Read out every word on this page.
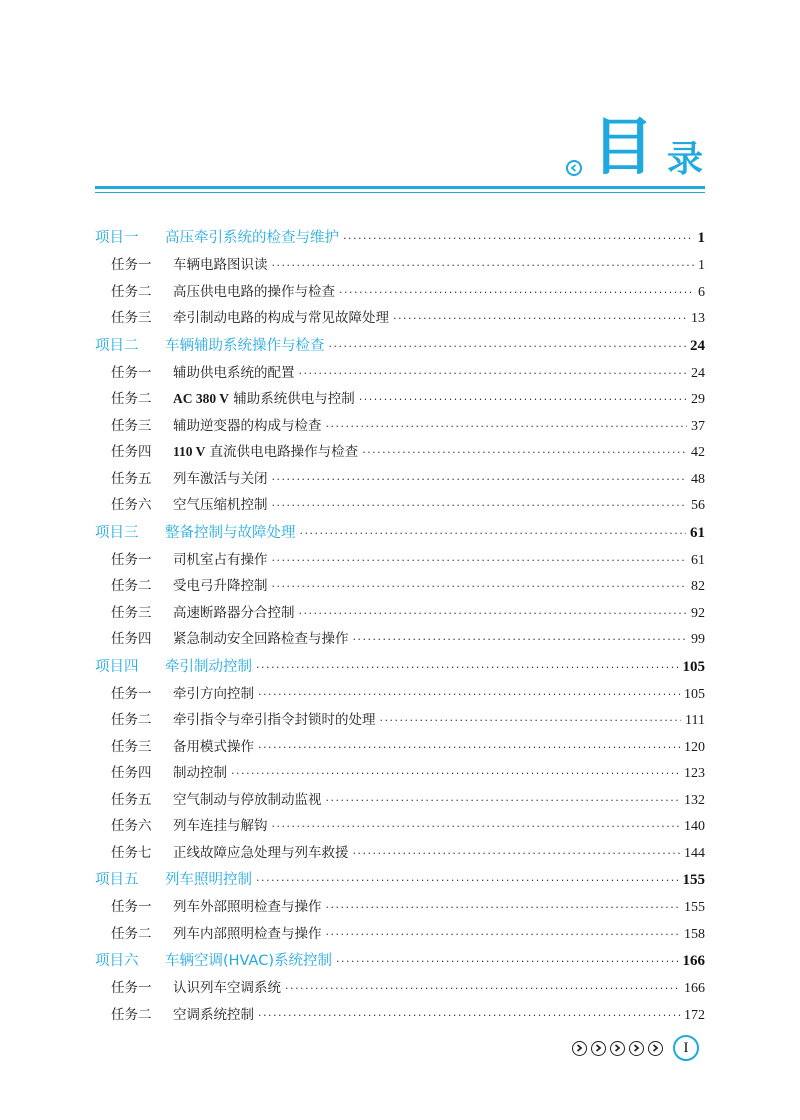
目 录
项目一 高压牵引系统的检查与维护 ·····	1
任务一 车辆电路图识读 ·····	1
任务二 高压供电电路的操作与检查 ·····	6
任务三 牵引制动电路的构成与常见故障处理 ·····	13
项目二 车辆辅助系统操作与检查 ·····	24
任务一 辅助供电系统的配置 ·····	24
任务二 AC 380 V 辅助系统供电与控制 ·····	29
任务三 辅助逆变器的构成与检查 ·····	37
任务四 110 V 直流供电电路操作与检查 ·····	42
任务五 列车激活与关闭 ·····	48
任务六 空气压缩机控制 ·····	56
项目三 整备控制与故障处理 ·····	61
任务一 司机室占有操作 ·····	61
任务二 受电弓升降控制 ·····	82
任务三 高速断路器分合控制 ·····	92
任务四 紧急制动安全回路检查与操作 ·····	99
项目四 牵引制动控制 ·····	105
任务一 牵引方向控制 ·····	105
任务二 牵引指令与牵引指令封锁时的处理 ·····	111
任务三 备用模式操作 ·····	120
任务四 制动控制 ·····	123
任务五 空气制动与停放制动监视 ·····	132
任务六 列车连挂与解钩 ·····	140
任务七 正线故障应急处理与列车救援 ·····	144
项目五 列车照明控制 ·····	155
任务一 列车外部照明检查与操作 ·····	155
任务二 列车内部照明检查与操作 ·····	158
项目六 车辆空调(HVAC)系统控制 ·····	166
任务一 认识列车空调系统 ·····	166
任务二 空调系统控制 ·····	172
I
